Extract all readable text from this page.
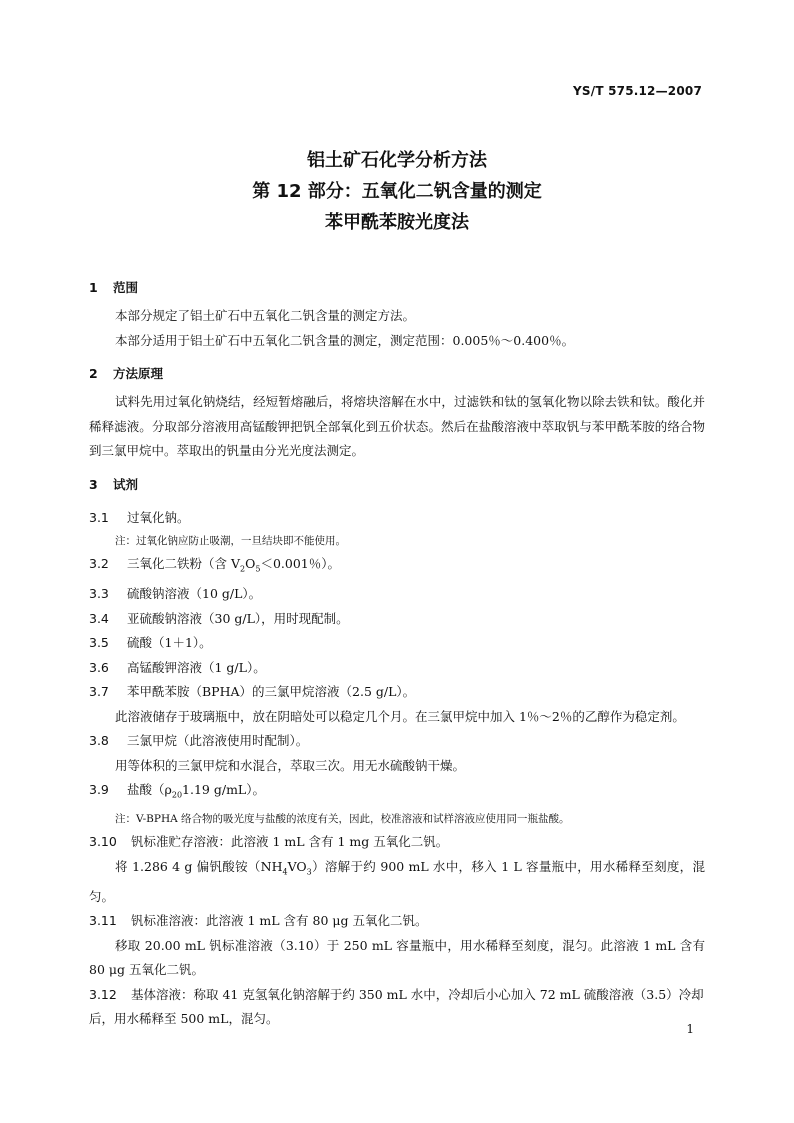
YS/T 575.12—2007
铝土矿石化学分析方法
第 12 部分：五氧化二钒含量的测定
苯甲酰苯胺光度法
1 范围

本部分规定了铝土矿石中五氧化二钒含量的测定方法。

本部分适用于铝土矿石中五氧化二钒含量的测定，测定范围：0.005％～0.400％。

2 方法原理

试料先用过氧化钠烧结，经短暂熔融后，将熔块溶解在水中，过滤铁和钛的氢氧化物以除去铁和钛。酸化并稀释滤液。分取部分溶液用高锰酸钾把钒全部氧化到五价状态。然后在盐酸溶液中萃取钒与苯甲酰苯胺的络合物到三氯甲烷中。萃取出的钒量由分光光度法测定。

3 试剂

3.1 过氧化钠。

注：过氧化钠应防止吸潮，一旦结块即不能使用。

3.2 三氧化二铁粉（含 $V_2O_5<0.001$％）。

3.3 硫酸钠溶液（10 g/L）。

3.4 亚硫酸钠溶液（30 g/L），用时现配制。

3.5 硫酸（1＋1）。

3.6 高锰酸钾溶液（1 g/L）。

3.7 苯甲酰苯胺（BPHA）的三氯甲烷溶液（2.5 g/L）。

此溶液储存于玻璃瓶中，放在阴暗处可以稳定几个月。在三氯甲烷中加入 1％～2％的乙醇作为稳定剂。

3.8 三氯甲烷（此溶液使用时配制）。

用等体积的三氯甲烷和水混合，萃取三次。用无水硫酸钠干燥。

3.9 盐酸（$\rho_{20}1.19$ g/mL）。

注：V-BPHA 络合物的吸光度与盐酸的浓度有关，因此，校准溶液和试样溶液应使用同一瓶盐酸。

3.10 钒标准贮存溶液：此溶液 1 mL 含有 1 mg 五氧化二钒。

将 1.286 4 g 偏钒酸铵$(NH_4VO_3)$溶解于约 900 mL 水中，移入 1 L 容量瓶中，用水稀释至刻度，混匀。

3.11 钒标准溶液：此溶液 1 mL 含有 80 μg 五氧化二钒。

移取 20.00 mL 钒标准溶液（3.10）于 250 mL 容量瓶中，用水稀释至刻度，混匀。此溶液 1 mL 含有 80 μg 五氧化二钒。

3.12 基体溶液：称取 41 克氢氧化钠溶解于约 350 mL 水中，冷却后小心加入 72 mL 硫酸溶液（3.5）冷却后，用水稀释至 500 mL，混匀。

1
